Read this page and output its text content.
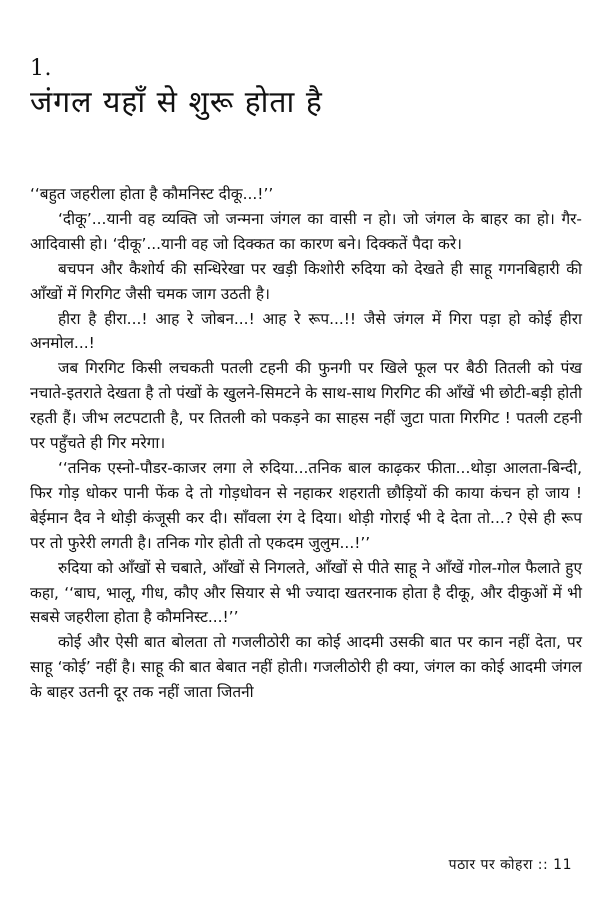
1.
जंगल यहाँ से शुरू होता है

‘‘बहुत जहरीला होता है कौमनिस्ट दीकू...!’’

‘दीकू’...यानी वह व्यक्ति जो जन्मना जंगल का वासी न हो। जो जंगल के बाहर का हो। गैर-आदिवासी हो। ‘दीकू’...यानी वह जो दिक्कत का कारण बने। दिक्कतें पैदा करे।

बचपन और कैशोर्य की सन्धिरेखा पर खड़ी किशोरी रुदिया को देखते ही साहू गगनबिहारी की आँखों में गिरगिट जैसी चमक जाग उठती है।

हीरा है हीरा...! आह रे जोबन...! आह रे रूप...!! जैसे जंगल में गिरा पड़ा हो कोई हीरा अनमोल...!

जब गिरगिट किसी लचकती पतली टहनी की फुनगी पर खिले फूल पर बैठी तितली को पंख नचाते-इतराते देखता है तो पंखों के खुलने-सिमटने के साथ-साथ गिरगिट की आँखें भी छोटी-बड़ी होती रहती हैं। जीभ लटपटाती है, पर तितली को पकड़ने का साहस नहीं जुटा पाता गिरगिट ! पतली टहनी पर पहुँचते ही गिर मरेगा।

‘‘तनिक एस्नो-पौडर-काजर लगा ले रुदिया...तनिक बाल काढ़कर फीता...थोड़ा आलता-बिन्दी, फिर गोड़ धोकर पानी फेंक दे तो गोड़धोवन से नहाकर शहराती छौड़ियों की काया कंचन हो जाय ! बेईमान दैव ने थोड़ी कंजूसी कर दी। साँवला रंग दे दिया। थोड़ी गोराई भी दे देता तो...? ऐसे ही रूप पर तो फुरेरी लगती है। तनिक गोर होती तो एकदम जुलुम...!’’

रुदिया को आँखों से चबाते, आँखों से निगलते, आँखों से पीते साहू ने आँखें गोल-गोल फैलाते हुए कहा, ‘‘बाघ, भालू, गीध, कौए और सियार से भी ज्यादा खतरनाक होता है दीकू, और दीकुओं में भी सबसे जहरीला होता है कौमनिस्ट...!’’

कोई और ऐसी बात बोलता तो गजलीठोरी का कोई आदमी उसकी बात पर कान नहीं देता, पर साहू ‘कोई’ नहीं है। साहू की बात बेबात नहीं होती। गजलीठोरी ही क्या, जंगल का कोई आदमी जंगल के बाहर उतनी दूर तक नहीं जाता जितनी

पठार पर कोहरा :: 11
